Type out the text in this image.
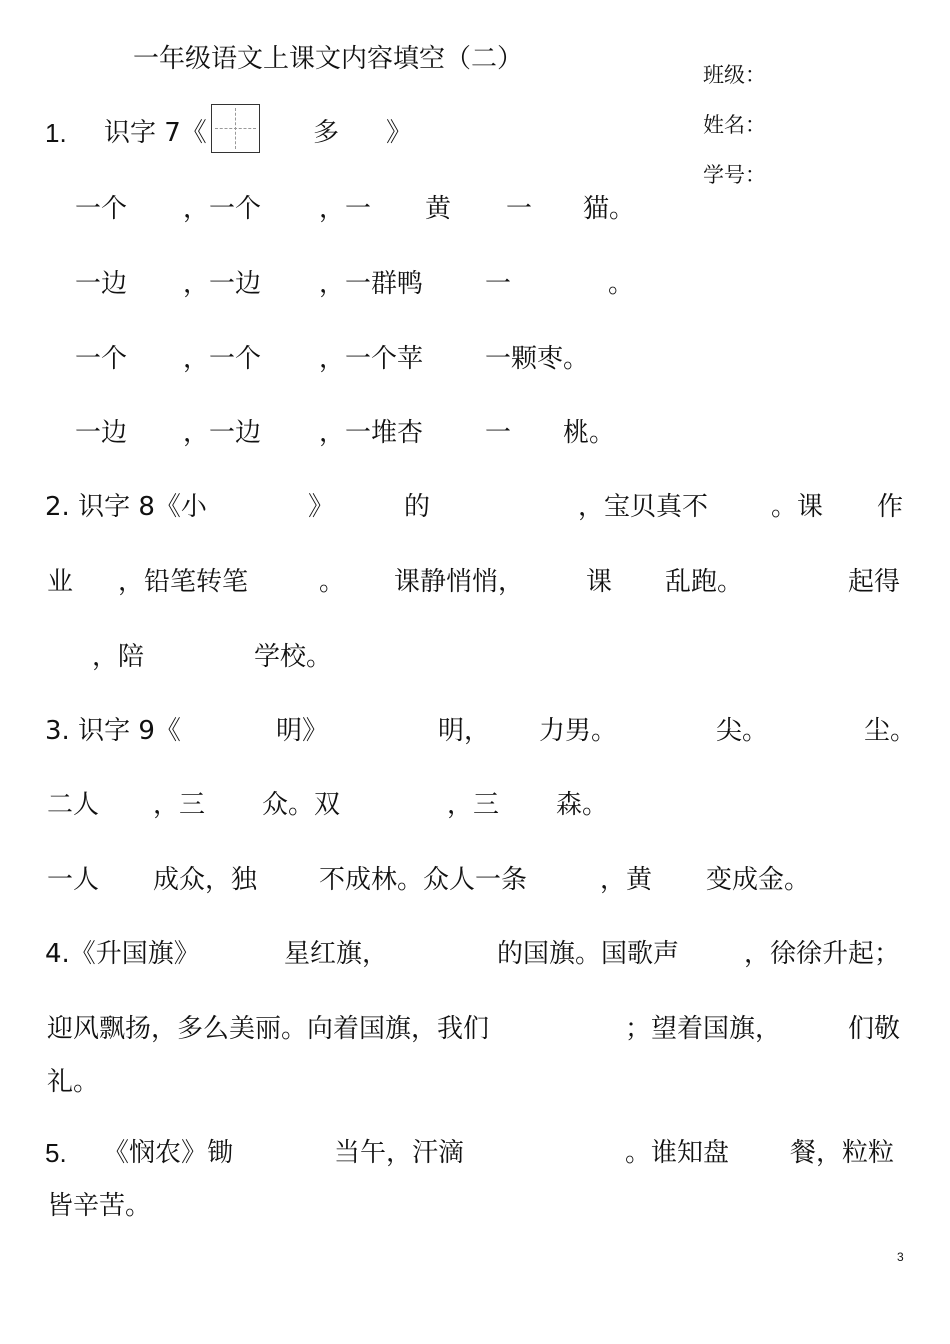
一年级语文上课文内容填空（二）
班级：
姓名：
学号：
1. 识字 7《	多 》
一个 ，一个 ，一 黄 一 猫。
一边 ，一边 ，一群鸭 一	。
一个 ，一个 ，一个苹 一颗枣。
一边 ，一边 ，一堆杏 一 桃。
2. 识字 8《小	》	的	，宝贝真不 。课 作
业 ，铅笔转笔	。 课静悄悄， 课 乱跑。	起得
，陪	学校。
3. 识字 9《	明》	明， 力男。	尖。	尘。
二人 ，三 众。双	，三 森。
一人 成众，独 不成林。众人一条	，黄 变成金。
4.《升国旗》	星红旗，	的国旗。国歌声 ，徐徐升起；
迎风飘扬，多么美丽。向着国旗，我们	；望着国旗，	们敬
礼。
5. 《悯农》锄	当午，汗滴	。谁知盘 餐，粒粒
皆辛苦。
3
